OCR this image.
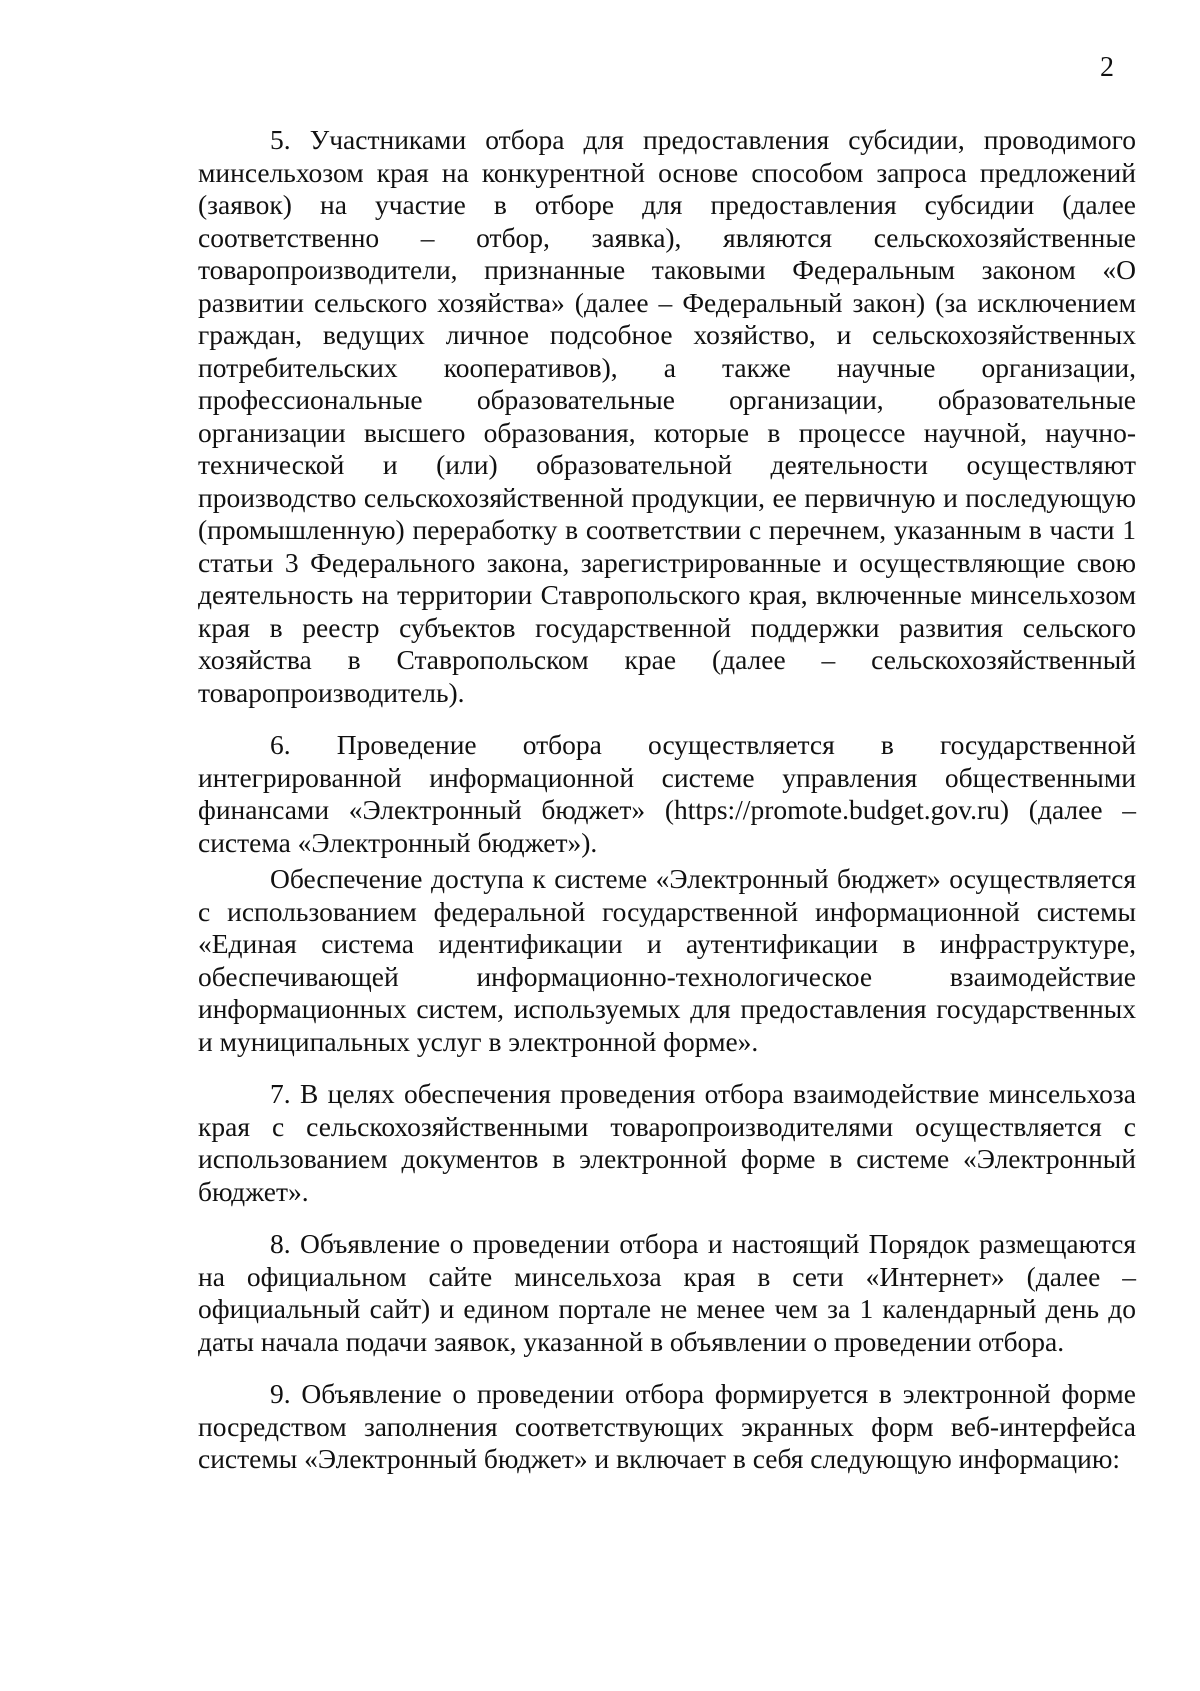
2

5. Участниками отбора для предоставления субсидии, проводимого минсельхозом края на конкурентной основе способом запроса предложений (заявок) на участие в отборе для предоставления субсидии (далее соответственно – отбор, заявка), являются сельскохозяйственные товаропроизводители, признанные таковыми Федеральным законом «О развитии сельского хозяйства» (далее – Федеральный закон) (за исключением граждан, ведущих личное подсобное хозяйство, и сельскохозяйственных потребительских кооперативов), а также научные организации, профессиональные образовательные организации, образовательные организации высшего образования, которые в процессе научной, научно-технической и (или) образовательной деятельности осуществляют производство сельскохозяйственной продукции, ее первичную и последующую (промышленную) переработку в соответствии с перечнем, указанным в части 1 статьи 3 Федерального закона, зарегистрированные и осуществляющие свою деятельность на территории Ставропольского края, включенные минсельхозом края в реестр субъектов государственной поддержки развития сельского хозяйства в Ставропольском крае (далее – сельскохозяйственный товаропроизводитель).

6. Проведение отбора осуществляется в государственной интегрированной информационной системе управления общественными финансами «Электронный бюджет» (https://promote.budget.gov.ru) (далее – система «Электронный бюджет»).

Обеспечение доступа к системе «Электронный бюджет» осуществляется с использованием федеральной государственной информационной системы «Единая система идентификации и аутентификации в инфраструктуре, обеспечивающей информационно-технологическое взаимодействие информационных систем, используемых для предоставления государственных и муниципальных услуг в электронной форме».

7. В целях обеспечения проведения отбора взаимодействие минсельхоза края с сельскохозяйственными товаропроизводителями осуществляется с использованием документов в электронной форме в системе «Электронный бюджет».

8. Объявление о проведении отбора и настоящий Порядок размещаются на официальном сайте минсельхоза края в сети «Интернет» (далее – официальный сайт) и едином портале не менее чем за 1 календарный день до даты начала подачи заявок, указанной в объявлении о проведении отбора.

9. Объявление о проведении отбора формируется в электронной форме посредством заполнения соответствующих экранных форм веб-интерфейса системы «Электронный бюджет» и включает в себя следующую информацию:
